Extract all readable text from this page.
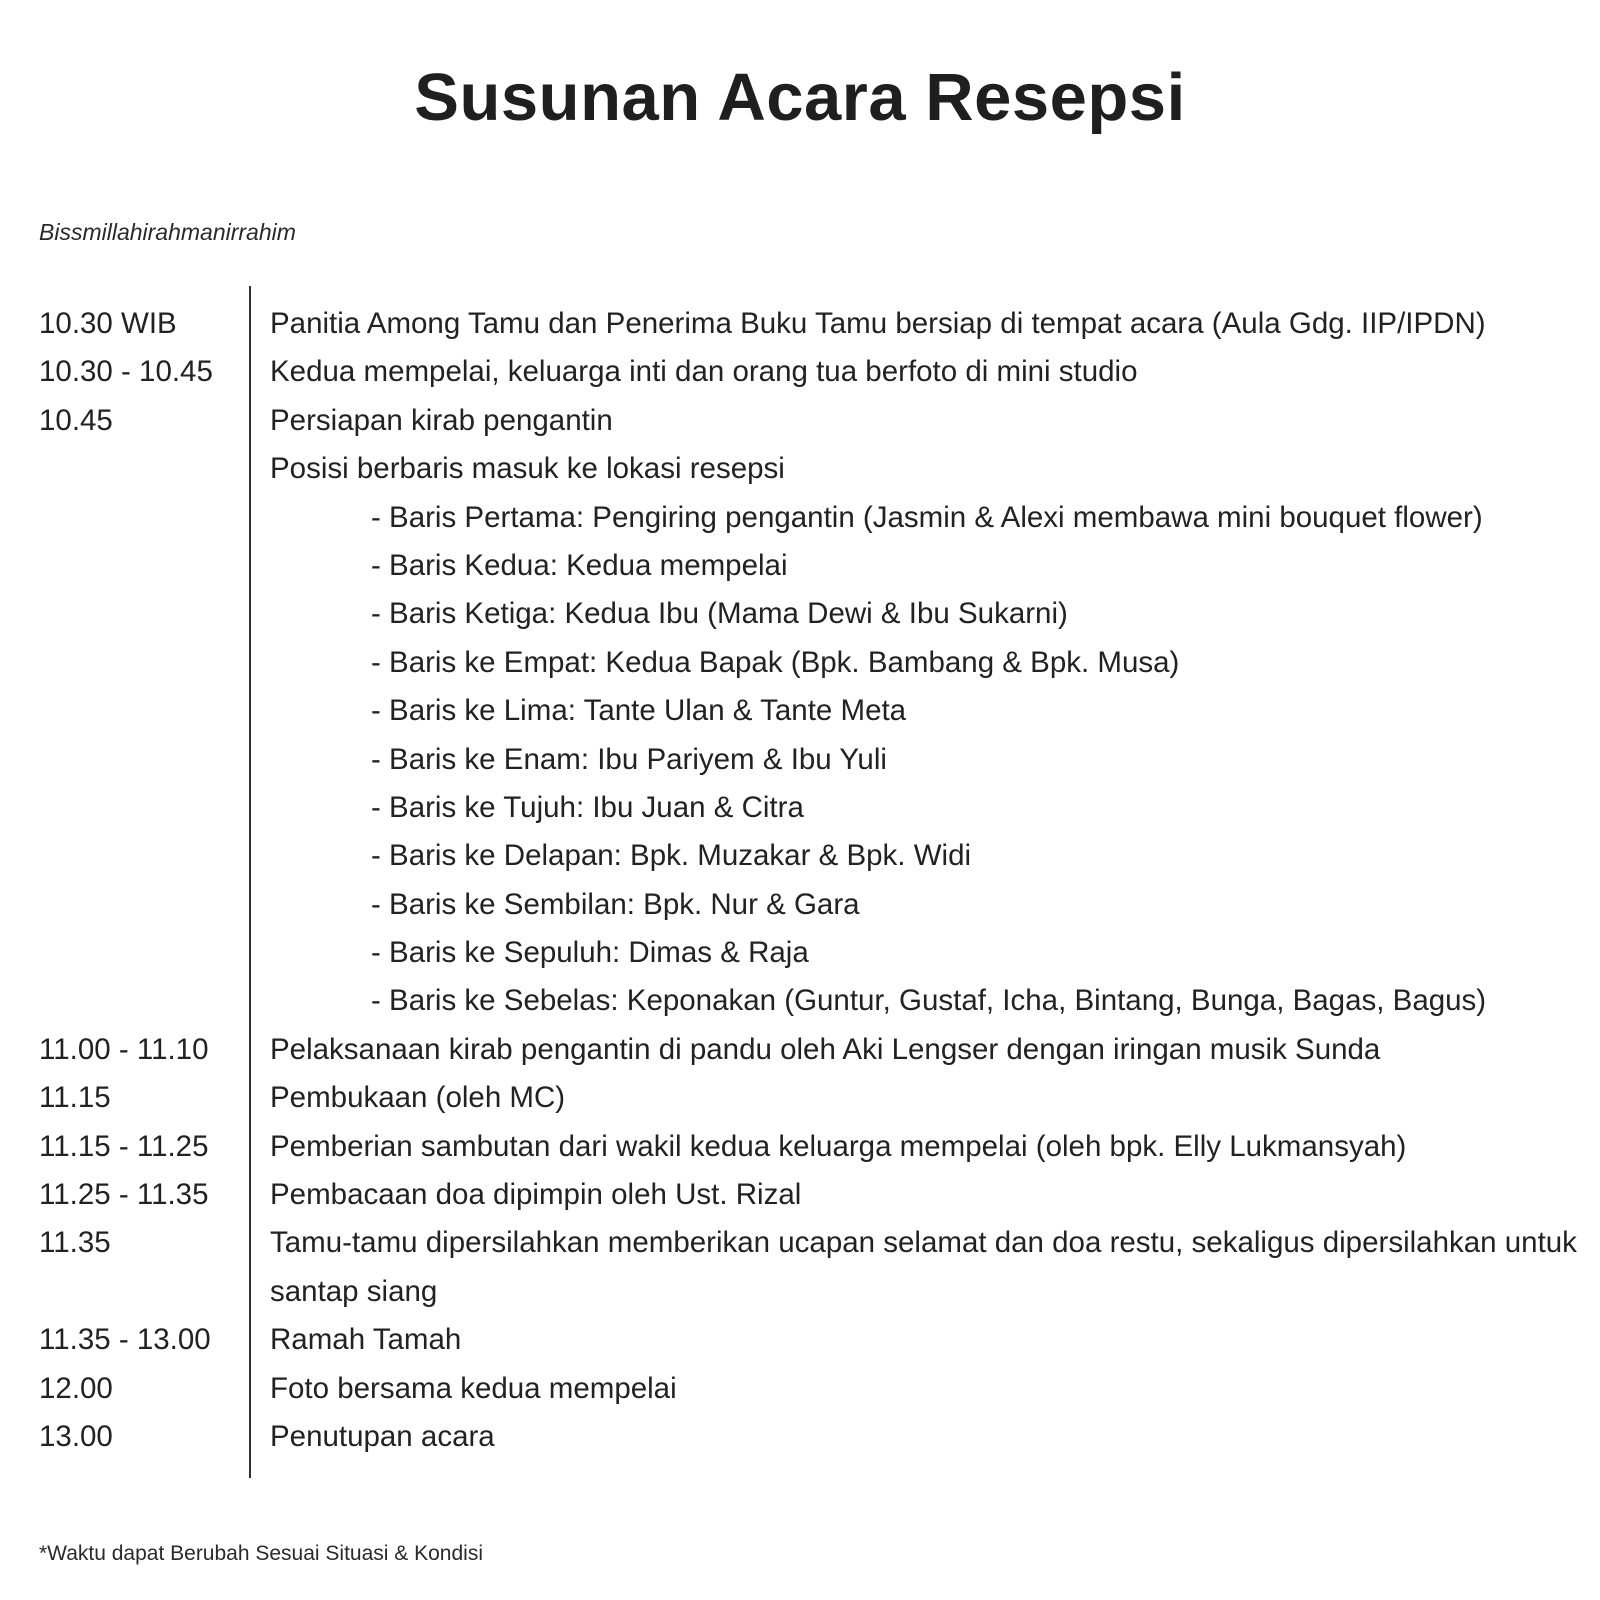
Susunan Acara Resepsi
Bissmillahirahmanirrahim
10.30 WIB	Panitia Among Tamu dan Penerima Buku Tamu bersiap di tempat acara (Aula Gdg. IIP/IPDN)
10.30 - 10.45	Kedua mempelai, keluarga inti dan orang tua berfoto di mini studio
10.45	Persiapan kirab pengantin
Posisi berbaris masuk ke lokasi resepsi
- Baris Pertama: Pengiring pengantin (Jasmin & Alexi membawa mini bouquet flower)
- Baris Kedua: Kedua mempelai
- Baris Ketiga: Kedua Ibu (Mama Dewi & Ibu Sukarni)
- Baris ke Empat: Kedua Bapak (Bpk. Bambang & Bpk. Musa)
- Baris ke Lima: Tante Ulan & Tante Meta
- Baris ke Enam: Ibu Pariyem & Ibu Yuli
- Baris ke Tujuh: Ibu Juan & Citra
- Baris ke Delapan: Bpk. Muzakar & Bpk. Widi
- Baris ke Sembilan: Bpk. Nur & Gara
- Baris ke Sepuluh: Dimas & Raja
- Baris ke Sebelas: Keponakan (Guntur, Gustaf, Icha, Bintang, Bunga, Bagas, Bagus)
11.00 - 11.10	Pelaksanaan kirab pengantin di pandu oleh Aki Lengser dengan iringan musik Sunda
11.15	Pembukaan (oleh MC)
11.15 - 11.25	Pemberian sambutan dari wakil kedua keluarga mempelai (oleh bpk. Elly Lukmansyah)
11.25 - 11.35	Pembacaan doa dipimpin oleh Ust. Rizal
11.35	Tamu-tamu dipersilahkan memberikan ucapan selamat dan doa restu, sekaligus dipersilahkan untuk santap siang
11.35 - 13.00	Ramah Tamah
12.00	Foto bersama kedua mempelai
13.00	Penutupan acara
*Waktu dapat Berubah Sesuai Situasi & Kondisi
